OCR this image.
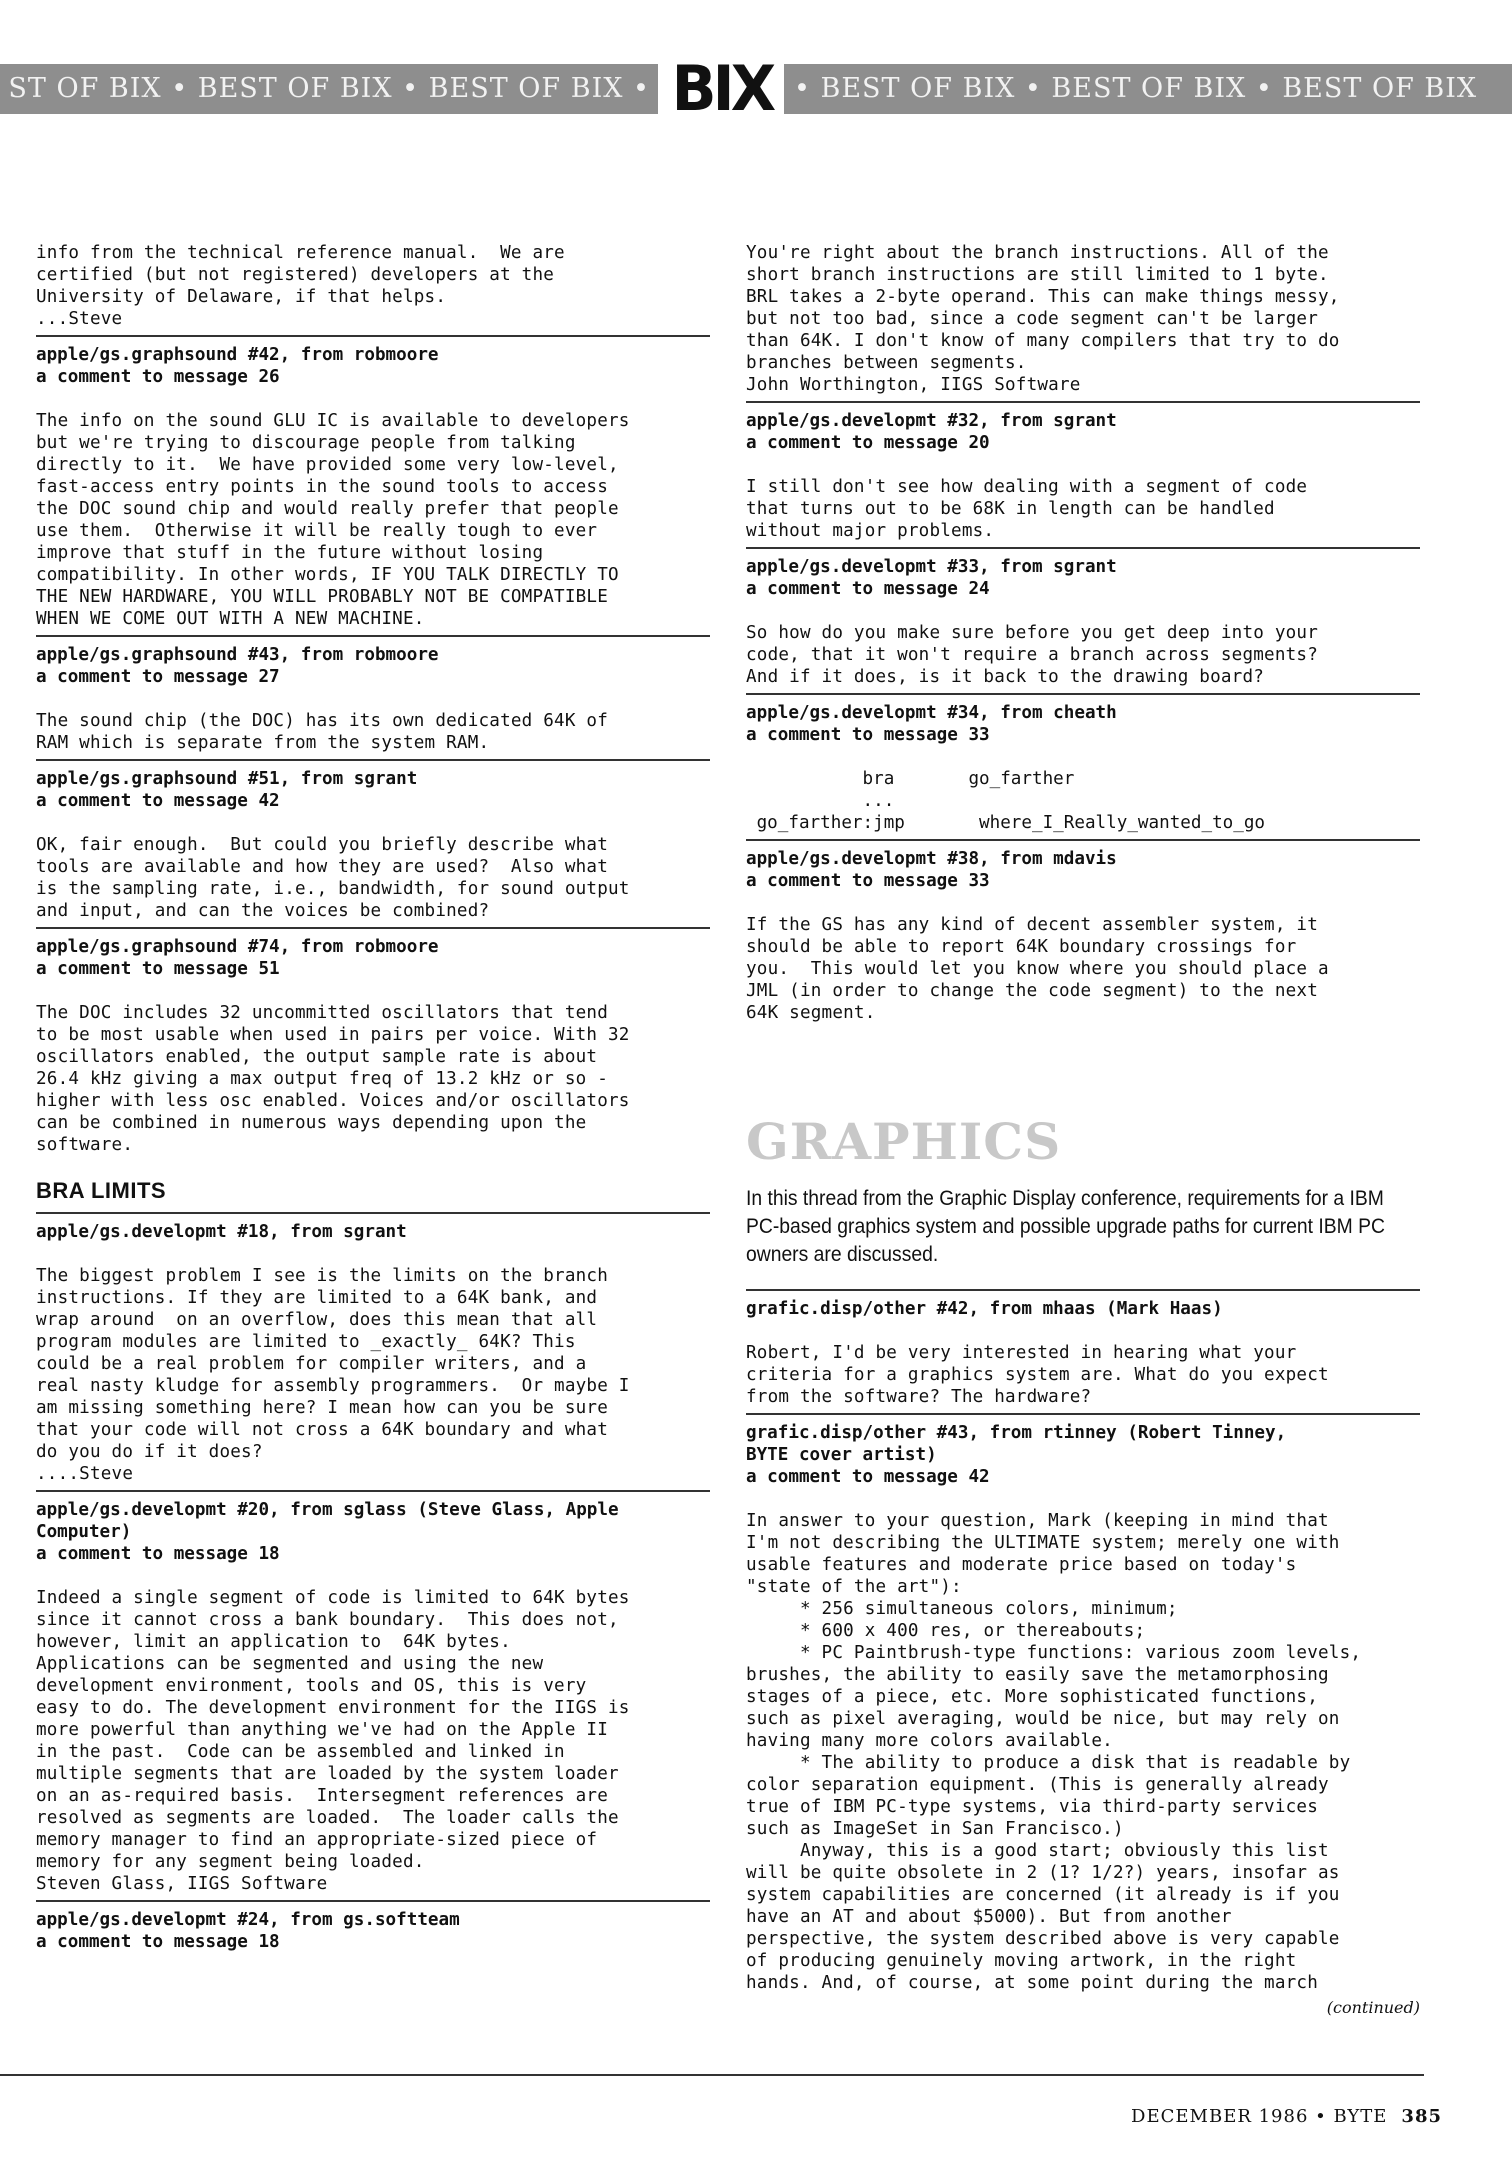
ST OF BIX • BEST OF BIX • BEST OF BIX • BIX • BEST OF BIX • BEST OF BIX • BEST OF BIX
info from the technical reference manual.  We are
certified (but not registered) developers at the
University of Delaware, if that helps.
...Steve
apple/gs.graphsound #42, from robmoore
a comment to message 26
The info on the sound GLU IC is available to developers
but we're trying to discourage people from talking
directly to it.  We have provided some very low-level,
fast-access entry points in the sound tools to access
the DOC sound chip and would really prefer that people
use them.  Otherwise it will be really tough to ever
improve that stuff in the future without losing
compatibility. In other words, IF YOU TALK DIRECTLY TO
THE NEW HARDWARE, YOU WILL PROBABLY NOT BE COMPATIBLE
WHEN WE COME OUT WITH A NEW MACHINE.
apple/gs.graphsound #43, from robmoore
a comment to message 27
The sound chip (the DOC) has its own dedicated 64K of
RAM which is separate from the system RAM.
apple/gs.graphsound #51, from sgrant
a comment to message 42
OK, fair enough.  But could you briefly describe what
tools are available and how they are used?  Also what
is the sampling rate, i.e., bandwidth, for sound output
and input, and can the voices be combined?
apple/gs.graphsound #74, from robmoore
a comment to message 51
The DOC includes 32 uncommitted oscillators that tend
to be most usable when used in pairs per voice. With 32
oscillators enabled, the output sample rate is about
26.4 kHz giving a max output freq of 13.2 kHz or so -
higher with less osc enabled. Voices and/or oscillators
can be combined in numerous ways depending upon the
software.
BRA LIMITS
apple/gs.developmt #18, from sgrant
The biggest problem I see is the limits on the branch
instructions. If they are limited to a 64K bank, and
wrap around  on an overflow, does this mean that all
program modules are limited to _exactly_ 64K? This
could be a real problem for compiler writers, and a
real nasty kludge for assembly programmers.  Or maybe I
am missing something here? I mean how can you be sure
that your code will not cross a 64K boundary and what
do you do if it does?
....Steve
apple/gs.developmt #20, from sglass (Steve Glass, Apple
Computer)
a comment to message 18
Indeed a single segment of code is limited to 64K bytes
since it cannot cross a bank boundary.  This does not,
however, limit an application to  64K bytes.
Applications can be segmented and using the new
development environment, tools and OS, this is very
easy to do. The development environment for the IIGS is
more powerful than anything we've had on the Apple II
in the past.  Code can be assembled and linked in
multiple segments that are loaded by the system loader
on an as-required basis.  Intersegment references are
resolved as segments are loaded.  The loader calls the
memory manager to find an appropriate-sized piece of
memory for any segment being loaded.
Steven Glass, IIGS Software
apple/gs.developmt #24, from gs.softteam
a comment to message 18
You're right about the branch instructions. All of the
short branch instructions are still limited to 1 byte.
BRL takes a 2-byte operand. This can make things messy,
but not too bad, since a code segment can't be larger
than 64K. I don't know of many compilers that try to do
branches between segments.
John Worthington, IIGS Software
apple/gs.developmt #32, from sgrant
a comment to message 20
I still don't see how dealing with a segment of code
that turns out to be 68K in length can be handled
without major problems.
apple/gs.developmt #33, from sgrant
a comment to message 24
So how do you make sure before you get deep into your
code, that it won't require a branch across segments?
And if it does, is it back to the drawing board?
apple/gs.developmt #34, from cheath
a comment to message 33
bra       go_farther
...
go_farther:jmp       where_I_Really_wanted_to_go
apple/gs.developmt #38, from mdavis
a comment to message 33
If the GS has any kind of decent assembler system, it
should be able to report 64K boundary crossings for
you.  This would let you know where you should place a
JML (in order to change the code segment) to the next
64K segment.
GRAPHICS
In this thread from the Graphic Display conference, requirements for a IBM PC-based graphics system and possible upgrade paths for current IBM PC owners are discussed.
grafic.disp/other #42, from mhaas (Mark Haas)
Robert, I'd be very interested in hearing what your
criteria for a graphics system are. What do you expect
from the software? The hardware?
grafic.disp/other #43, from rtinney (Robert Tinney,
BYTE cover artist)
a comment to message 42
In answer to your question, Mark (keeping in mind that
I'm not describing the ULTIMATE system; merely one with
usable features and moderate price based on today's
"state of the art"):
* 256 simultaneous colors, minimum;
* 600 x 400 res, or thereabouts;
* PC Paintbrush-type functions: various zoom levels,
brushes, the ability to easily save the metamorphosing
stages of a piece, etc. More sophisticated functions,
such as pixel averaging, would be nice, but may rely on
having many more colors available.
* The ability to produce a disk that is readable by
color separation equipment. (This is generally already
true of IBM PC-type systems, via third-party services
such as ImageSet in San Francisco.)
Anyway, this is a good start; obviously this list
will be quite obsolete in 2 (1? 1/2?) years, insofar as
system capabilities are concerned (it already is if you
have an AT and about $5000). But from another
perspective, the system described above is very capable
of producing genuinely moving artwork, in the right
hands. And, of course, at some point during the march
(continued)
DECEMBER 1986 • BYTE 385
